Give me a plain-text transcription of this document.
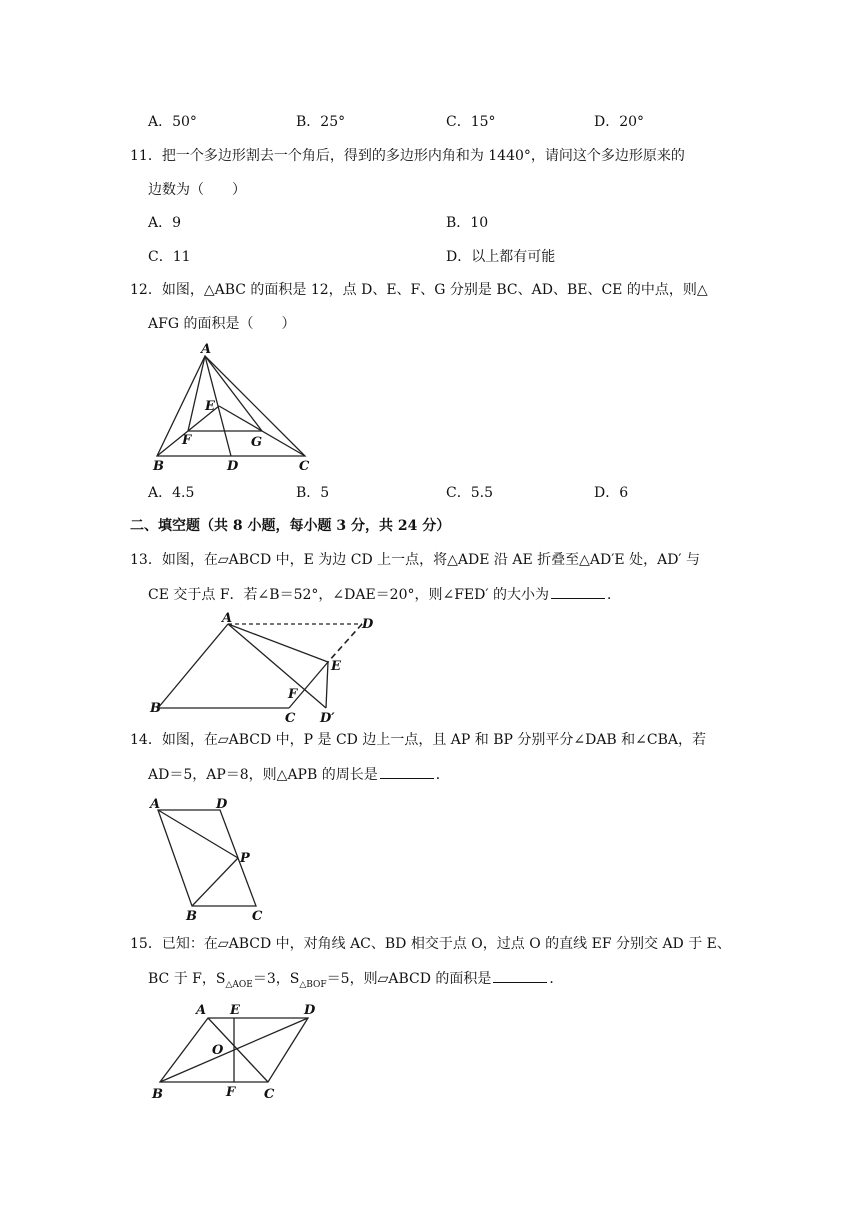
A．50°	B．25°	C．15°	D．20°
11．把一个多边形割去一个角后，得到的多边形内角和为 1440°，请问这个多边形原来的
边数为（　　）
A．9	B．10
C．11	D．以上都有可能
12．如图，△ABC 的面积是 12，点 D、E、F、G 分别是 BC、AD、BE、CE 的中点，则△
AFG 的面积是（　　）
A
E
F	G
B	D	C
A．4.5	B．5	C．5.5	D．6
二、填空题（共 8 小题，每小题 3 分，共 24 分）
13．如图，在▱ABCD 中，E 为边 CD 上一点，将△ADE 沿 AE 折叠至△AD′E 处，AD′ 与
CE 交于点 F．若∠B＝52°，∠DAE＝20°，则∠FED′ 的大小为	．
A	D
E
B
F
C D′
14．如图，在▱ABCD 中，P 是 CD 边上一点，且 AP 和 BP 分别平分∠DAB 和∠CBA，若
AD＝5，AP＝8，则△APB 的周长是	．
A	D
P
B	C
15．已知：在▱ABCD 中，对角线 AC、BD 相交于点 O，过点 O 的直线 EF 分别交 AD 于 E、
BC 于 F，$S_{\triangle AOE}=3$，$S_{\triangle BOF}=5$，则▱ABCD 的面积是	．
A E	D
O
B	F C
